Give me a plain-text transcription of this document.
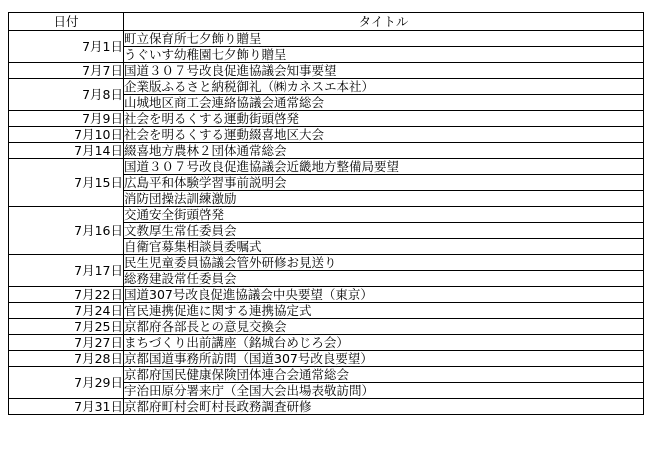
日付	タイトル
7月1日	町立保育所七夕飾り贈呈
	うぐいす幼稚園七夕飾り贈呈
7月7日	国道３０７号改良促進協議会知事要望
7月8日	企業版ふるさと納税御礼（㈱カネスエ本社）
	山城地区商工会連絡協議会通常総会
7月9日	社会を明るくする運動街頭啓発
7月10日	社会を明るくする運動綴喜地区大会
7月14日	綴喜地方農林２団体通常総会
7月15日	国道３０７号改良促進協議会近畿地方整備局要望
	広島平和体験学習事前説明会
	消防団操法訓練激励
7月16日	交通安全街頭啓発
	文教厚生常任委員会
	自衛官募集相談員委嘱式
7月17日	民生児童委員協議会管外研修お見送り
	総務建設常任委員会
7月22日	国道307号改良促進協議会中央要望（東京）
7月24日	官民連携促進に関する連携協定式
7月25日	京都府各部長との意見交換会
7月27日	まちづくり出前講座（銘城台めじろ会）
7月28日	京都国道事務所訪問（国道307号改良要望）
7月29日	京都府国民健康保険団体連合会通常総会
	宇治田原分署来庁（全国大会出場表敬訪問）
7月31日	京都府町村会町村長政務調査研修
